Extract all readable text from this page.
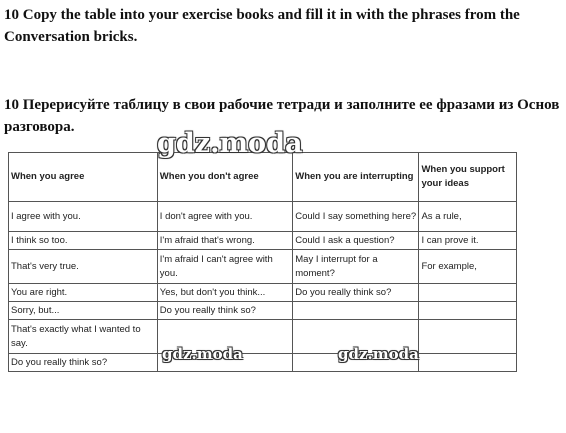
10 Copy the table into your exercise books and fill it in with the phrases from the Conversation bricks.
10 Перерисуйте таблицу в свои рабочие тетради и заполните ее фразами из Основ разговора.
When you agree	When you don't agree	When you are interrupting	When you support your ideas
I agree with you.	I don't agree with you.	Could I say something here?	As a rule,
I think so too.	I'm afraid that's wrong.	Could I ask a question?	I can prove it.
That's very true.	I'm afraid I can't agree with you.	May I interrupt for a moment?	For example,
You are right.	Yes, but don't you think...	Do you really think so?	
Sorry, but...	Do you really think so?		
That's exactly what I wanted to say.			
Do you really think so?			
gdz.moda
gdz.moda	gdz.moda
